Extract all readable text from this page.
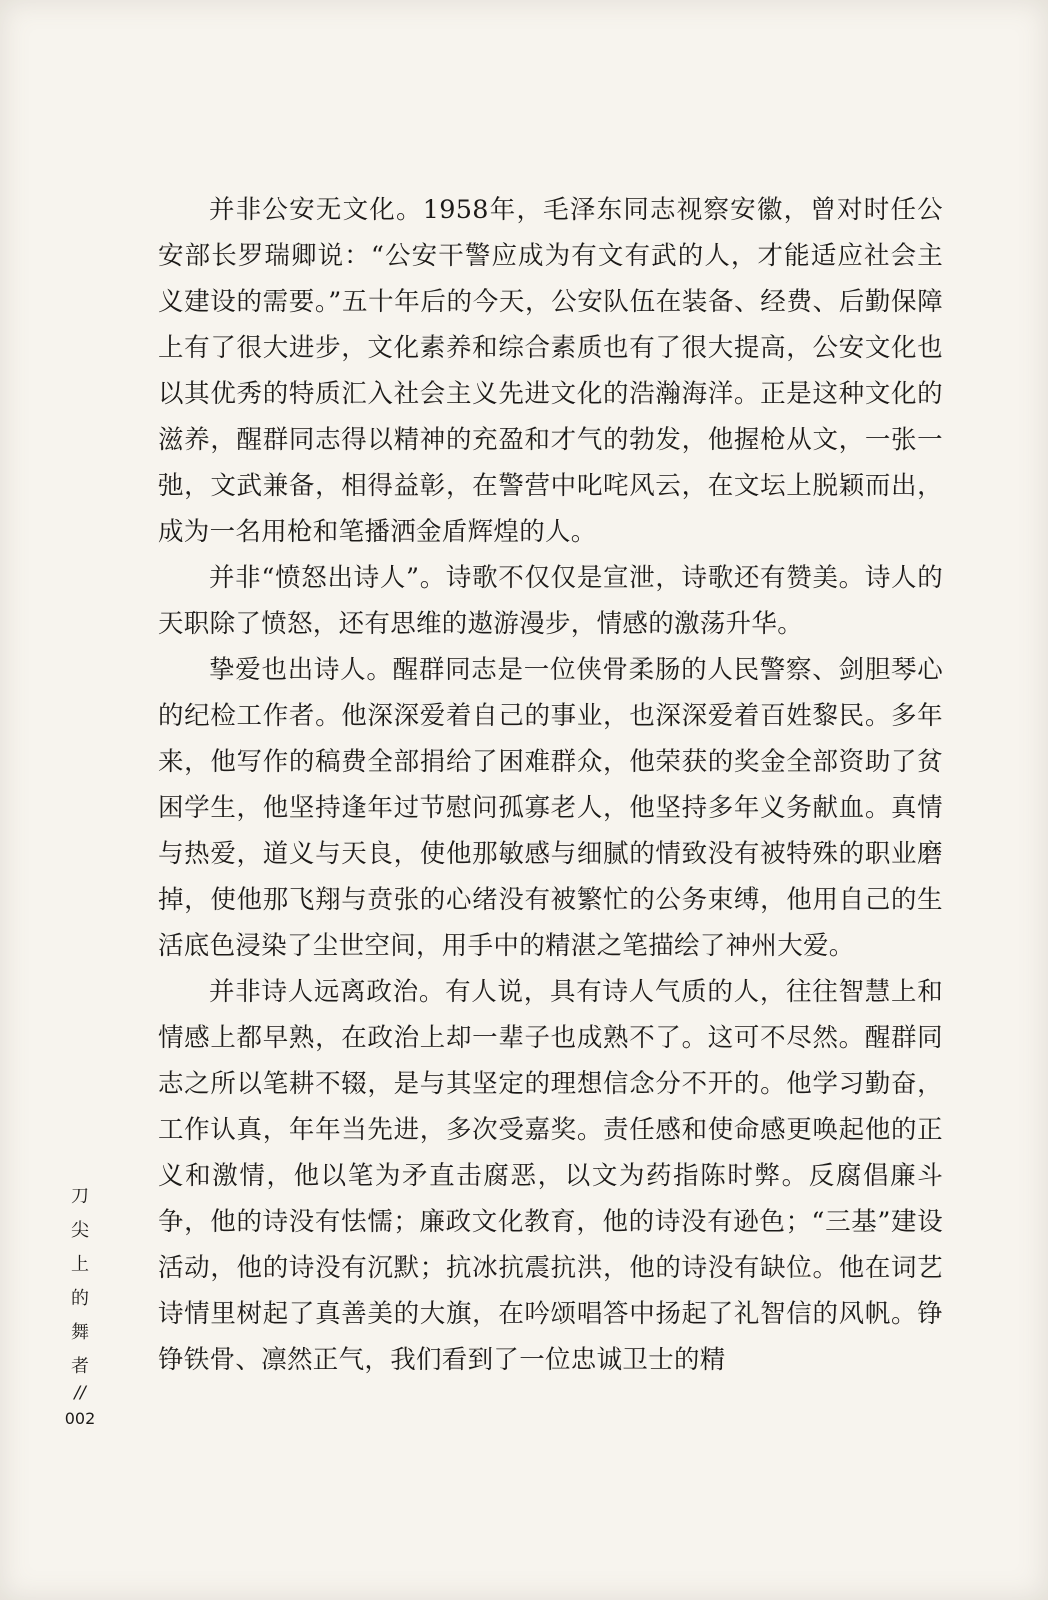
并非公安无文化。1958年，毛泽东同志视察安徽，曾对时任公安部长罗瑞卿说：“公安干警应成为有文有武的人，才能适应社会主义建设的需要。”五十年后的今天，公安队伍在装备、经费、后勤保障上有了很大进步，文化素养和综合素质也有了很大提高，公安文化也以其优秀的特质汇入社会主义先进文化的浩瀚海洋。正是这种文化的滋养，醒群同志得以精神的充盈和才气的勃发，他握枪从文，一张一弛，文武兼备，相得益彰，在警营中叱咤风云，在文坛上脱颖而出，成为一名用枪和笔播洒金盾辉煌的人。

并非“愤怒出诗人”。诗歌不仅仅是宣泄，诗歌还有赞美。诗人的天职除了愤怒，还有思维的遨游漫步，情感的激荡升华。

挚爱也出诗人。醒群同志是一位侠骨柔肠的人民警察、剑胆琴心的纪检工作者。他深深爱着自己的事业，也深深爱着百姓黎民。多年来，他写作的稿费全部捐给了困难群众，他荣获的奖金全部资助了贫困学生，他坚持逢年过节慰问孤寡老人，他坚持多年义务献血。真情与热爱，道义与天良，使他那敏感与细腻的情致没有被特殊的职业磨掉，使他那飞翔与贲张的心绪没有被繁忙的公务束缚，他用自己的生活底色浸染了尘世空间，用手中的精湛之笔描绘了神州大爱。

并非诗人远离政治。有人说，具有诗人气质的人，往往智慧上和情感上都早熟，在政治上却一辈子也成熟不了。这可不尽然。醒群同志之所以笔耕不辍，是与其坚定的理想信念分不开的。他学习勤奋，工作认真，年年当先进，多次受嘉奖。责任感和使命感更唤起他的正义和激情，他以笔为矛直击腐恶，以文为药指陈时弊。反腐倡廉斗争，他的诗没有怯懦；廉政文化教育，他的诗没有逊色；“三基”建设活动，他的诗没有沉默；抗冰抗震抗洪，他的诗没有缺位。他在词艺诗情里树起了真善美的大旗，在吟颂唱答中扬起了礼智信的风帆。铮铮铁骨、凛然正气，我们看到了一位忠诚卫士的精

刀
尖
上
的
舞
者
//
002
